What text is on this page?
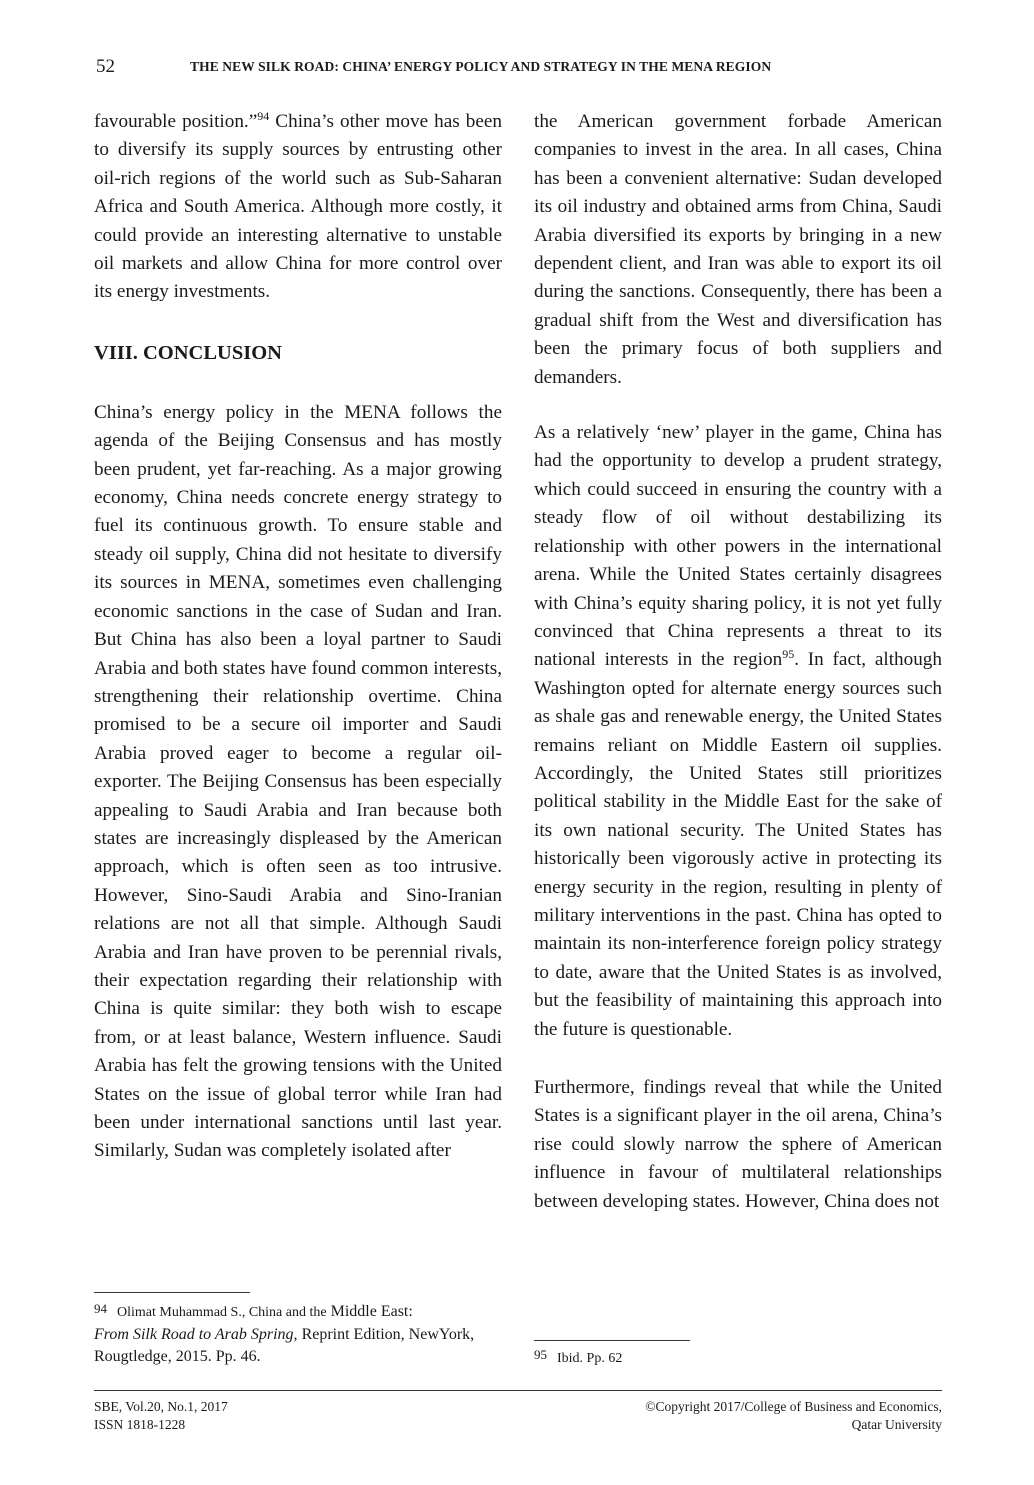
52	THE NEW SILK ROAD: CHINA’ ENERGY POLICY AND STRATEGY IN THE MENA REGION

favourable position.”$^{94}$ China’s other move has been to diversify its supply sources by entrusting other oil-rich regions of the world such as Sub-Saharan Africa and South America. Although more costly, it could provide an interesting alternative to unstable oil markets and allow China for more control over its energy investments.

VIII. CONCLUSION

China’s energy policy in the MENA follows the agenda of the Beijing Consensus and has mostly been prudent, yet far-reaching. As a major growing economy, China needs concrete energy strategy to fuel its continuous growth. To ensure stable and steady oil supply, China did not hesitate to diversify its sources in MENA, sometimes even challenging economic sanctions in the case of Sudan and Iran. But China has also been a loyal partner to Saudi Arabia and both states have found common interests, strengthening their relationship overtime. China promised to be a secure oil importer and Saudi Arabia proved eager to become a regular oil-exporter. The Beijing Consensus has been especially appealing to Saudi Arabia and Iran because both states are increasingly displeased by the American approach, which is often seen as too intrusive. However, Sino-Saudi Arabia and Sino-Iranian relations are not all that simple. Although Saudi Arabia and Iran have proven to be perennial rivals, their expectation regarding their relationship with China is quite similar: they both wish to escape from, or at least balance, Western influence. Saudi Arabia has felt the growing tensions with the United States on the issue of global terror while Iran had been under international sanctions until last year. Similarly, Sudan was completely isolated after

94 Olimat Muhammad S., China and the Middle East:
From Silk Road to Arab Spring, Reprint Edition, NewYork, Rougtledge, 2015. Pp. 46.

the American government forbade American companies to invest in the area. In all cases, China has been a convenient alternative: Sudan developed its oil industry and obtained arms from China, Saudi Arabia diversified its exports by bringing in a new dependent client, and Iran was able to export its oil during the sanctions. Consequently, there has been a gradual shift from the West and diversification has been the primary focus of both suppliers and demanders.

As a relatively ‘new’ player in the game, China has had the opportunity to develop a prudent strategy, which could succeed in ensuring the country with a steady flow of oil without destabilizing its relationship with other powers in the international arena. While the United States certainly disagrees with China’s equity sharing policy, it is not yet fully convinced that China represents a threat to its national interests in the region$^{95}$. In fact, although Washington opted for alternate energy sources such as shale gas and renewable energy, the United States remains reliant on Middle Eastern oil supplies. Accordingly, the United States still prioritizes political stability in the Middle East for the sake of its own national security. The United States has historically been vigorously active in protecting its energy security in the region, resulting in plenty of military interventions in the past. China has opted to maintain its non-interference foreign policy strategy to date, aware that the United States is as involved, but the feasibility of maintaining this approach into the future is questionable.

Furthermore, findings reveal that while the United States is a significant player in the oil arena, China’s rise could slowly narrow the sphere of American influence in favour of multilateral relationships between developing states. However, China does not

95 Ibid. Pp. 62
SBE, Vol.20, No.1, 2017
ISSN 1818-1228
©Copyright 2017/College of Business and Economics,
Qatar University
